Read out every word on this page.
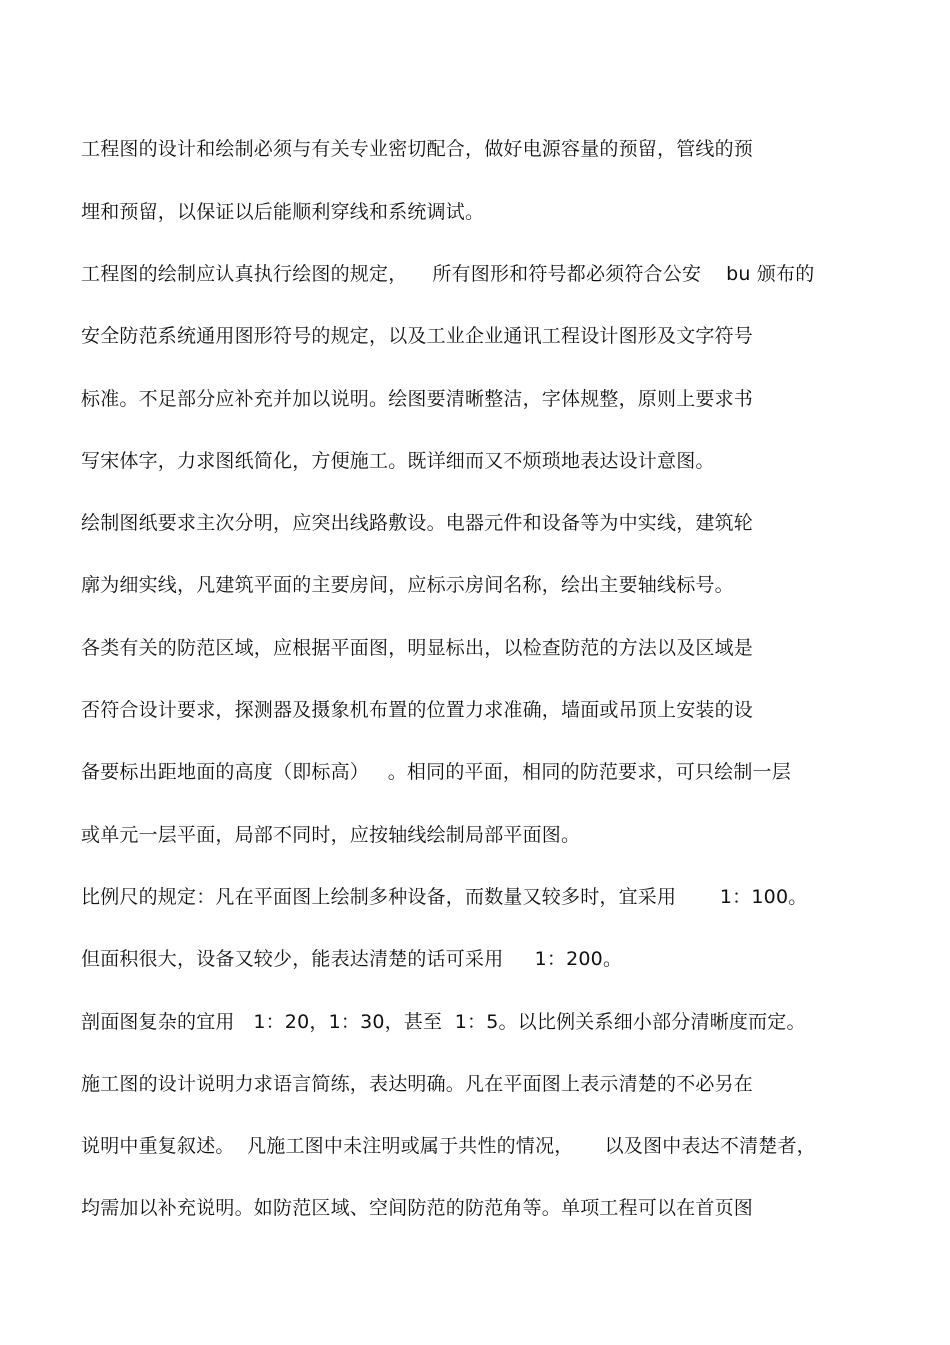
工程图的设计和绘制必须与有关专业密切配合，做好电源容量的预留，管线的预
埋和预留，以保证以后能顺利穿线和系统调试。
工程图的绘制应认真执行绘图的规定，    所有图形和符号都必须符合公安    bu 颁布的
安全防范系统通用图形符号的规定，以及工业企业通讯工程设计图形及文字符号
标准。不足部分应补充并加以说明。绘图要清晰整洁，字体规整，原则上要求书
写宋体字，力求图纸简化，方便施工。既详细而又不烦琐地表达设计意图。
绘制图纸要求主次分明，应突出线路敷设。电器元件和设备等为中实线，建筑轮
廓为细实线，凡建筑平面的主要房间，应标示房间名称，绘出主要轴线标号。
各类有关的防范区域，应根据平面图，明显标出，以检查防范的方法以及区域是
否符合设计要求，探测器及摄象机布置的位置力求准确，墙面或吊顶上安装的设
备要标出距地面的高度（即标高）   。相同的平面，相同的防范要求，可只绘制一层
或单元一层平面，局部不同时，应按轴线绘制局部平面图。
比例尺的规定：凡在平面图上绘制多种设备，而数量又较多时，宜采用       1：100。
但面积很大，设备又较少，能表达清楚的话可采用     1：200。
剖面图复杂的宜用   1：20，1：30，甚至  1：5。以比例关系细小部分清晰度而定。
施工图的设计说明力求语言简练，表达明确。凡在平面图上表示清楚的不必另在
说明中重复叙述。  凡施工图中未注明或属于共性的情况，     以及图中表达不清楚者，
均需加以补充说明。如防范区域、空间防范的防范角等。单项工程可以在首页图
